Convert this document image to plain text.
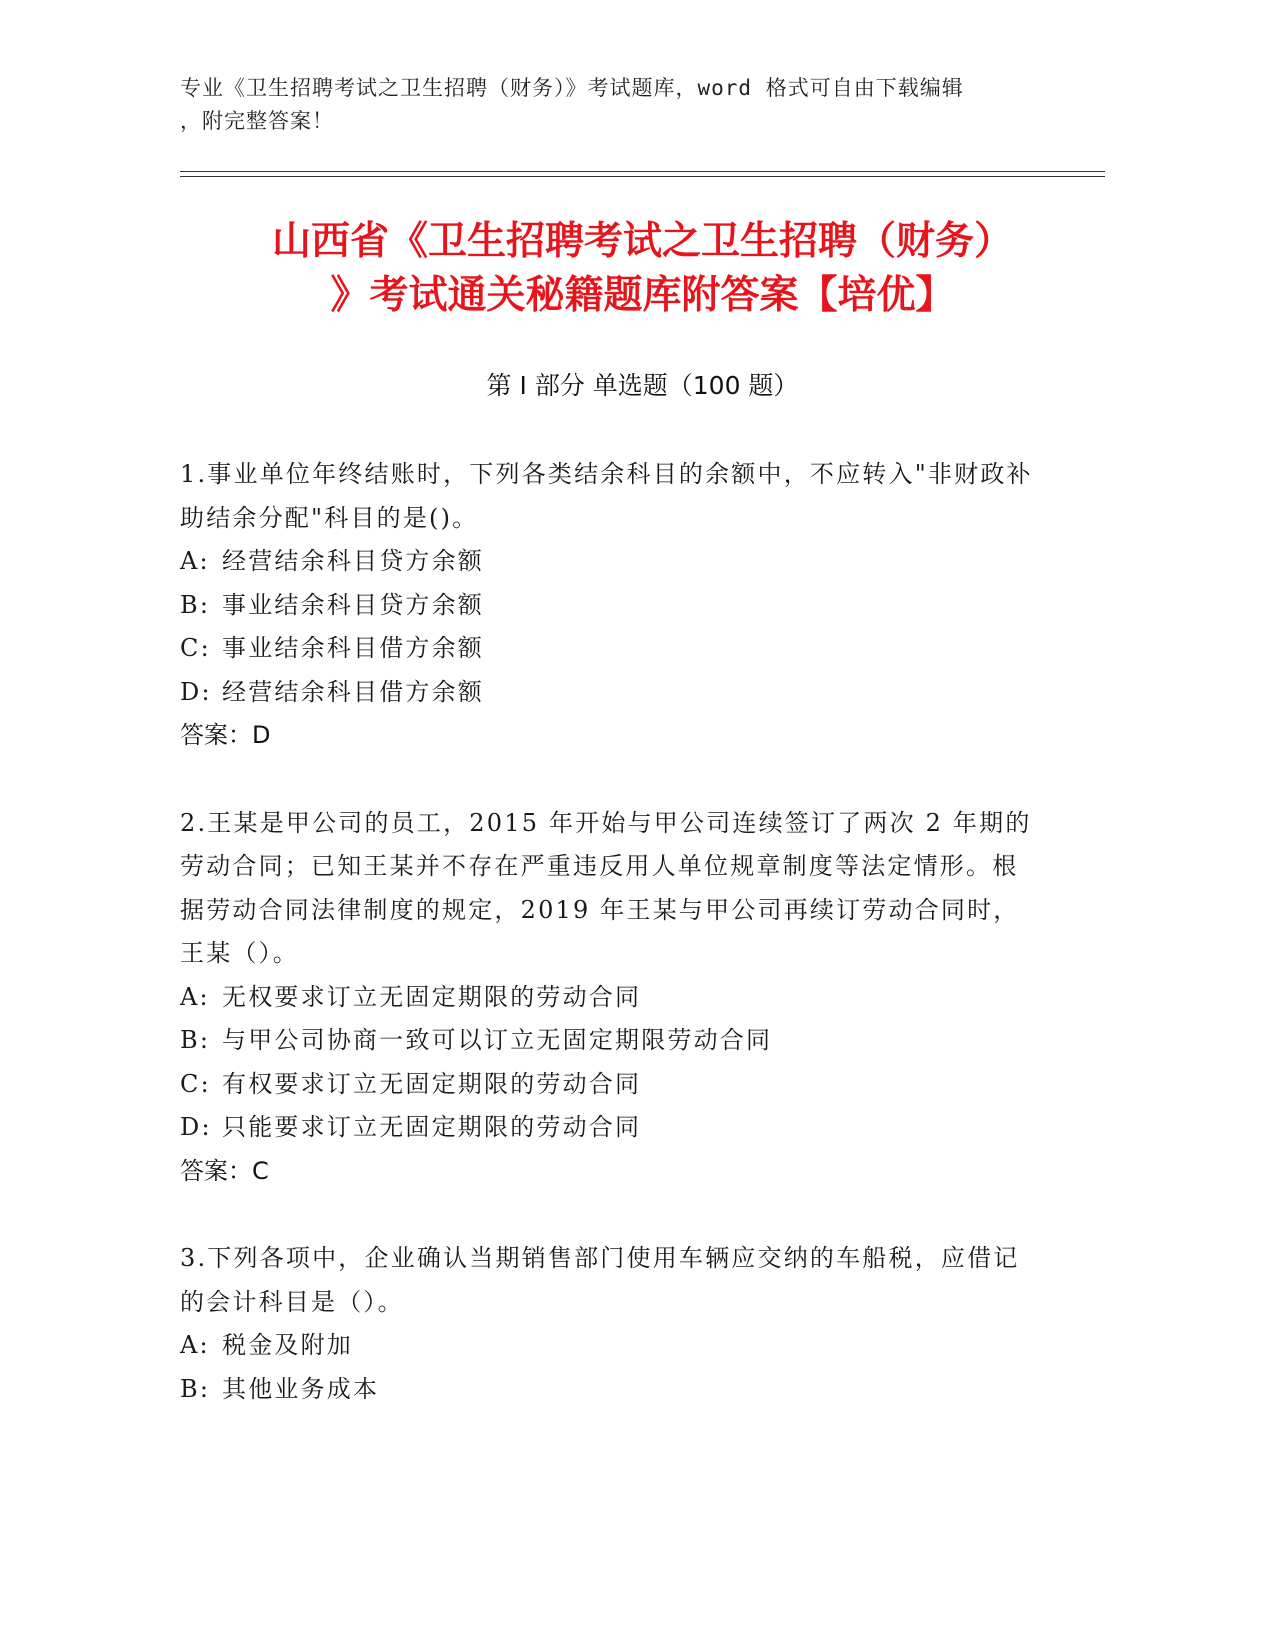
专业《卫生招聘考试之卫生招聘（财务）》考试题库，word 格式可自由下载编辑
，附完整答案！
山西省《卫生招聘考试之卫生招聘（财务）
》考试通关秘籍题库附答案【培优】
第 I 部分 单选题（100 题）
1.事业单位年终结账时，下列各类结余科目的余额中，不应转入"非财政补助结余分配"科目的是()。
A: 经营结余科目贷方余额
B: 事业结余科目贷方余额
C: 事业结余科目借方余额
D: 经营结余科目借方余额
答案：D
2.王某是甲公司的员工，2015 年开始与甲公司连续签订了两次 2 年期的劳动合同；已知王某并不存在严重违反用人单位规章制度等法定情形。根据劳动合同法律制度的规定，2019 年王某与甲公司再续订劳动合同时，王某（）。
A: 无权要求订立无固定期限的劳动合同
B: 与甲公司协商一致可以订立无固定期限劳动合同
C: 有权要求订立无固定期限的劳动合同
D: 只能要求订立无固定期限的劳动合同
答案：C
3.下列各项中，企业确认当期销售部门使用车辆应交纳的车船税，应借记的会计科目是（）。
A: 税金及附加
B: 其他业务成本
